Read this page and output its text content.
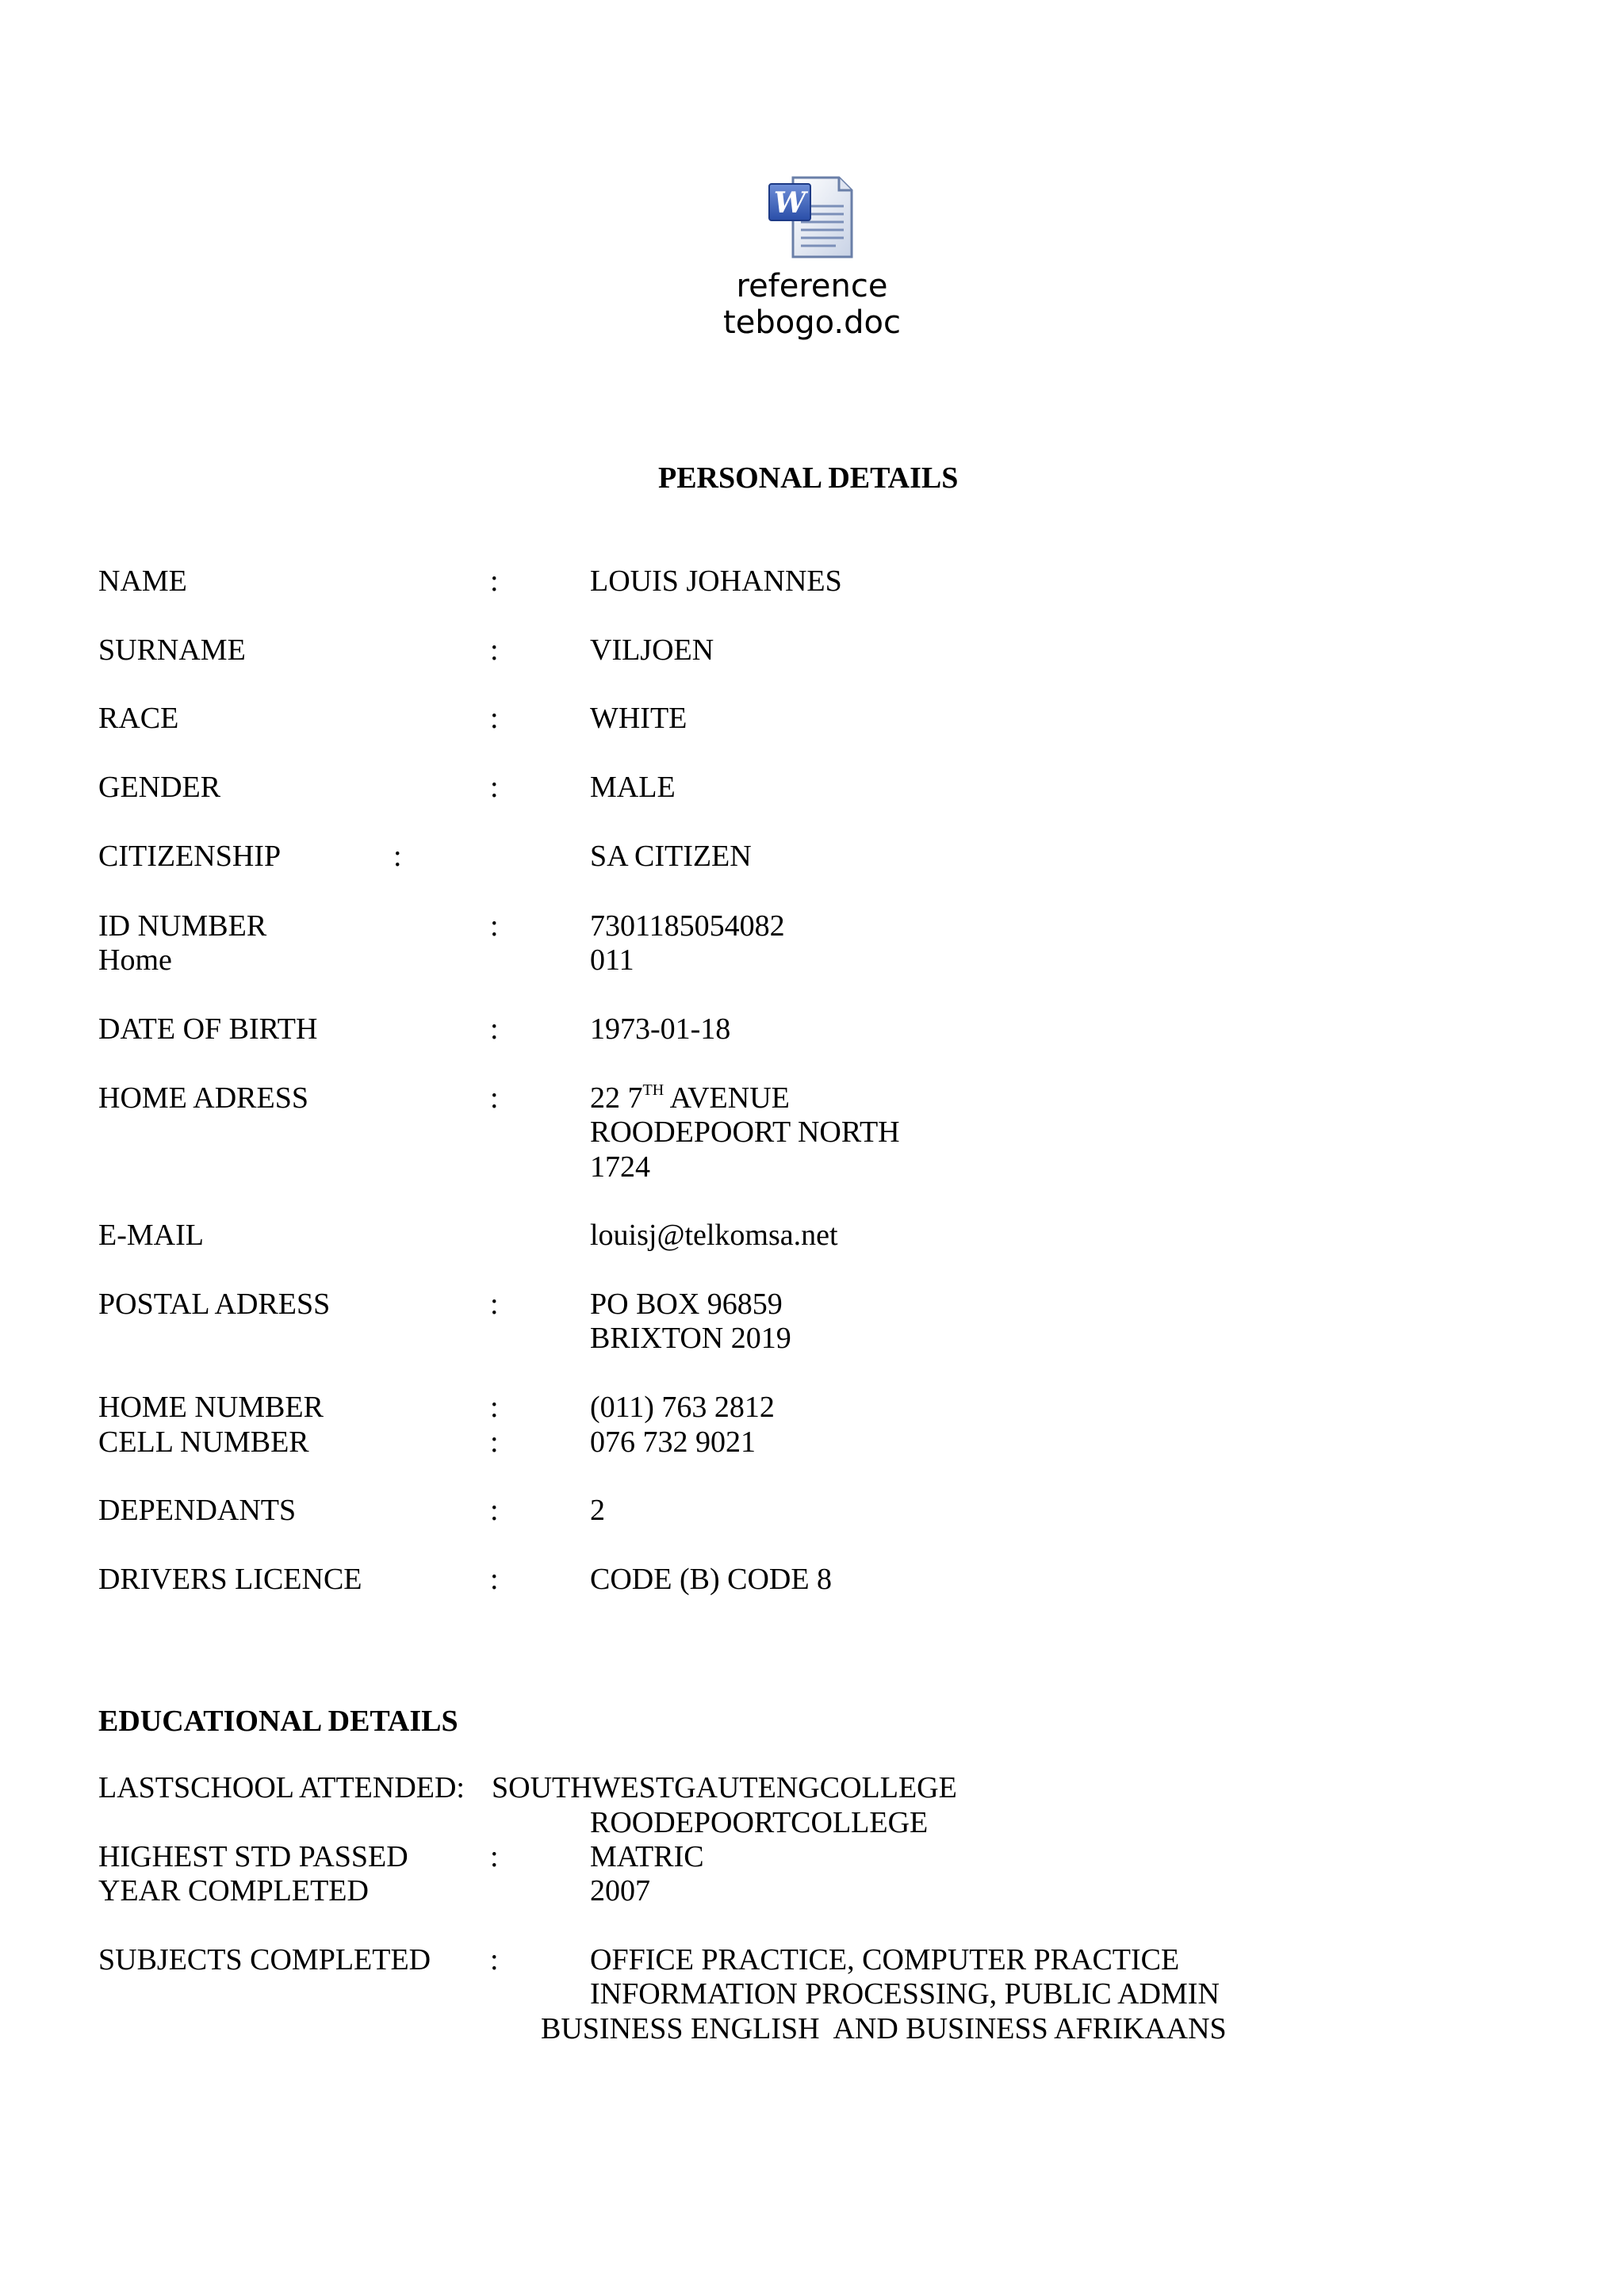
W
reference
tebogo.doc
PERSONAL DETAILS
NAME	:	LOUIS JOHANNES
SURNAME	:	VILJOEN
RACE	:	WHITE
GENDER	:	MALE
CITIZENSHIP	:	SA CITIZEN
ID NUMBER	:	7301185054082
Home	011
DATE OF BIRTH	:	1973-01-18
HOME ADRESS	:	22 7TH AVENUE
ROODEPOORT NORTH
1724
E-MAIL	louisj@telkomsa.net
POSTAL ADRESS	:	PO BOX 96859
BRIXTON 2019
HOME NUMBER	:	(011) 763 2812
CELL NUMBER	:	076 732 9021
DEPENDANTS	:	2
DRIVERS LICENCE	:	CODE (B) CODE 8
EDUCATIONAL DETAILS
LASTSCHOOL ATTENDED: SOUTHWESTGAUTENGCOLLEGE
ROODEPOORTCOLLEGE
HIGHEST STD PASSED	:	MATRIC
YEAR COMPLETED	2007
SUBJECTS COMPLETED :	OFFICE PRACTICE, COMPUTER PRACTICE
INFORMATION PROCESSING, PUBLIC ADMIN
BUSINESS ENGLISH  AND BUSINESS AFRIKAANS
